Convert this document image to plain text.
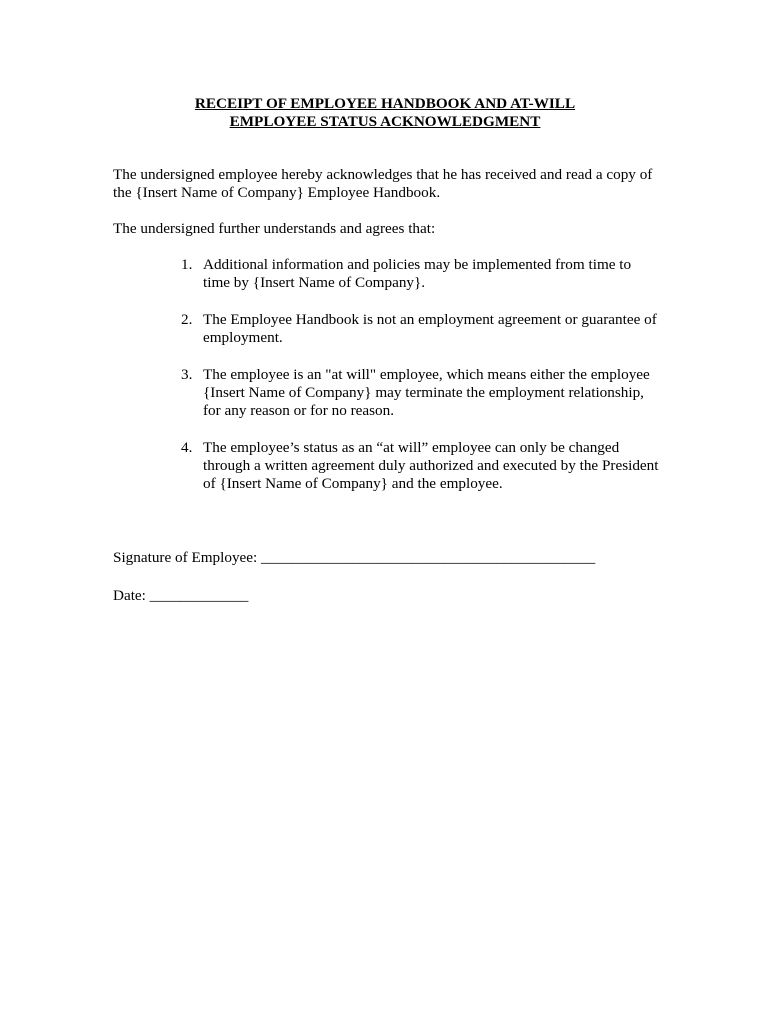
RECEIPT OF EMPLOYEE HANDBOOK AND AT-WILL
EMPLOYEE STATUS ACKNOWLEDGMENT

The undersigned employee hereby acknowledges that he has received and read a copy of
the {Insert Name of Company} Employee Handbook.

The undersigned further understands and agrees that:

1. Additional information and policies may be implemented from time to
time by {Insert Name of Company}.
2. The Employee Handbook is not an employment agreement or guarantee of
employment.
3. The employee is an "at will" employee, which means either the employee
{Insert Name of Company} may terminate the employment relationship,
for any reason or for no reason.
4. The employee’s status as an “at will” employee can only be changed
through a written agreement duly authorized and executed by the President
of {Insert Name of Company} and the employee.
Signature of Employee: ____________________________________________
Date: _____________
